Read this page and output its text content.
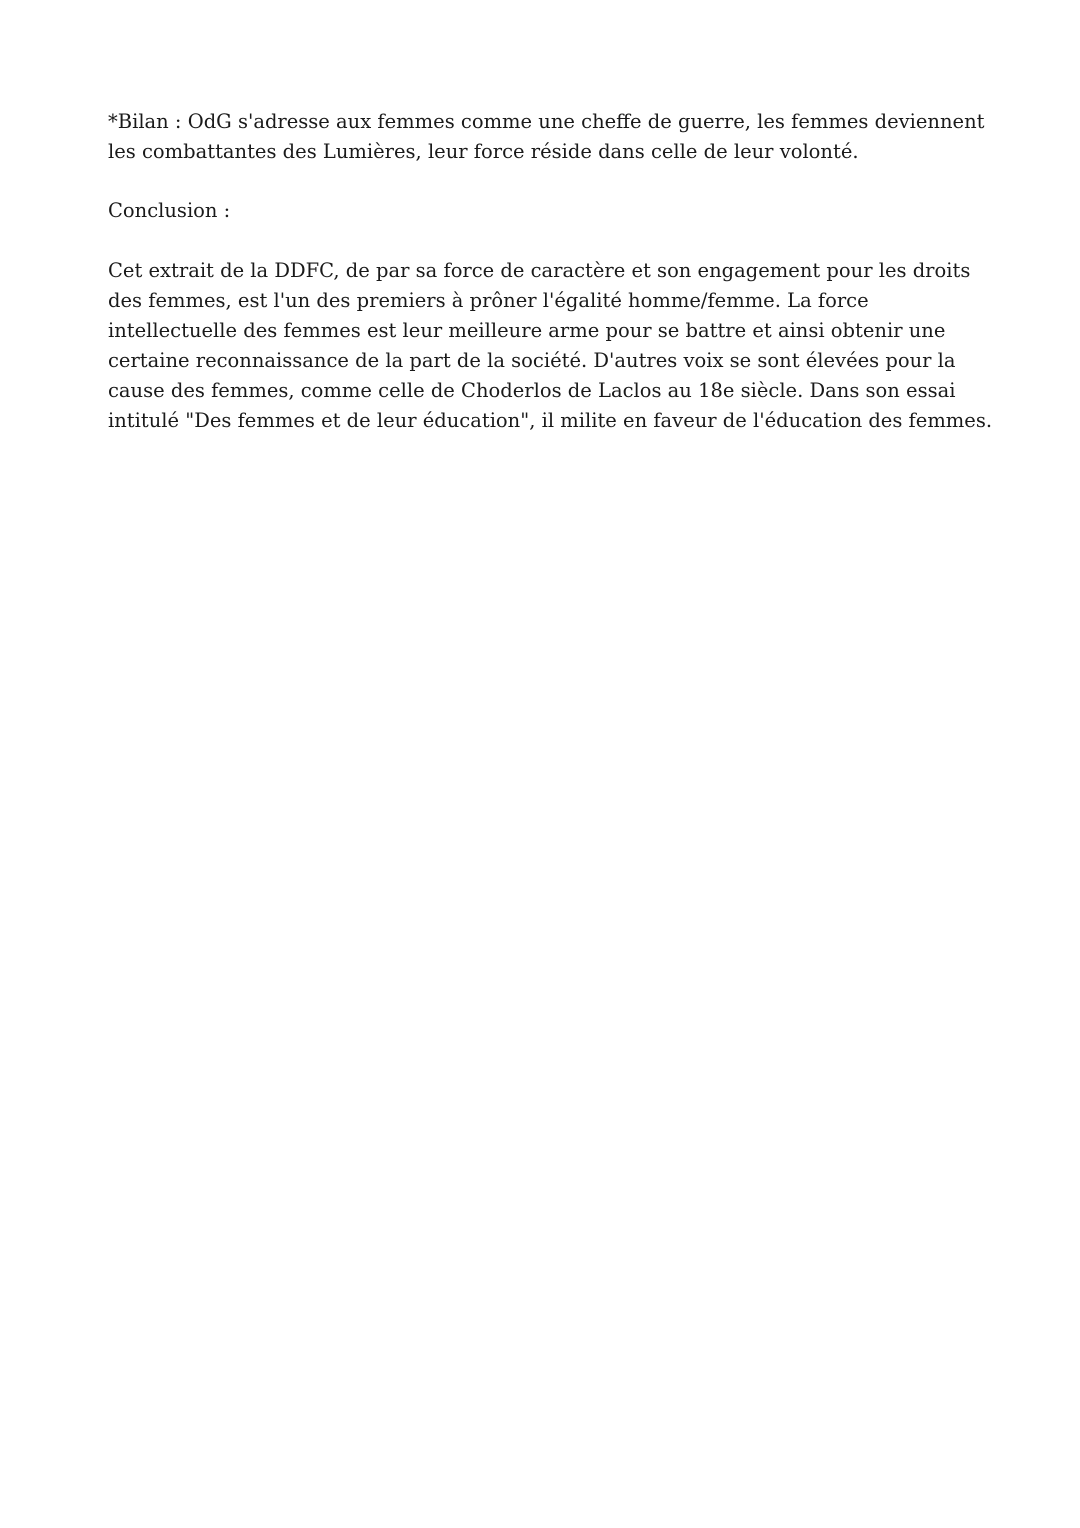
*Bilan : OdG s'adresse aux femmes comme une cheffe de guerre, les femmes deviennent
les combattantes des Lumières, leur force réside dans celle de leur volonté.
Conclusion :
Cet extrait de la DDFC, de par sa force de caractère et son engagement pour les droits
des femmes, est l'un des premiers à prôner l'égalité homme/femme. La force
intellectuelle des femmes est leur meilleure arme pour se battre et ainsi obtenir une
certaine reconnaissance de la part de la société. D'autres voix se sont élevées pour la
cause des femmes, comme celle de Choderlos de Laclos au 18e siècle. Dans son essai
intitulé "Des femmes et de leur éducation", il milite en faveur de l'éducation des femmes.
